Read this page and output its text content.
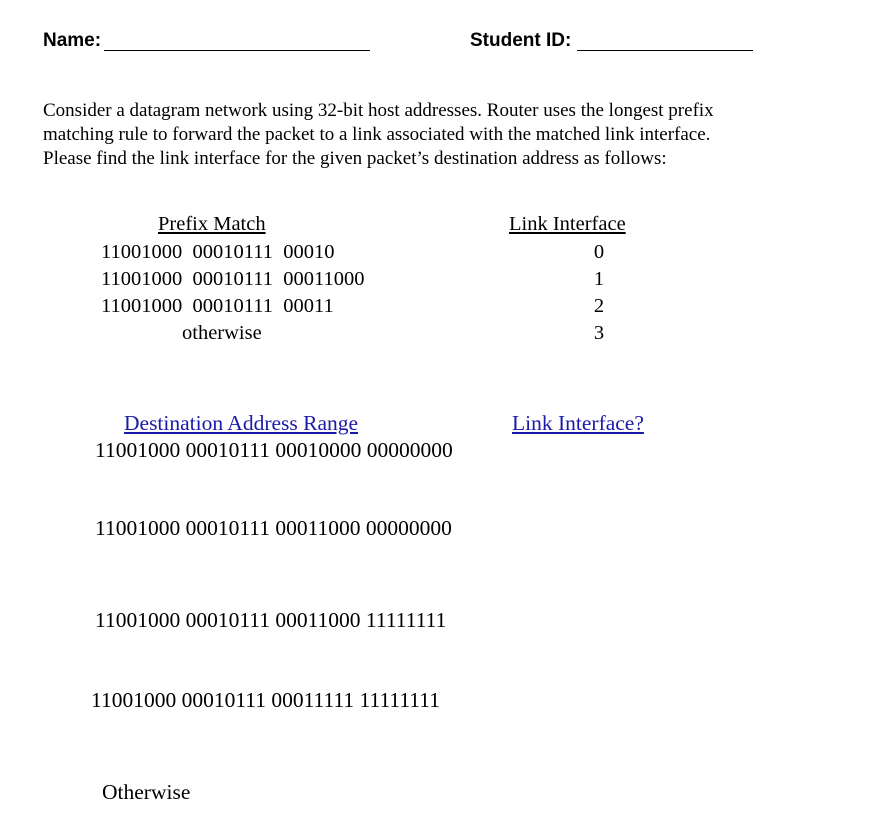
Name:	Student ID:

Consider a datagram network using 32-bit host addresses. Router uses the longest prefix

matching rule to forward the packet to a link associated with the matched link interface.

Please find the link interface for the given packet’s destination address as follows:

Prefix Match	Link Interface
11001000  00010111  00010	0
11001000  00010111  00011000	1
11001000  00010111  00011	2
otherwise	3
Destination Address Range	Link Interface?
11001000 00010111 00010000 00000000
11001000 00010111 00011000 00000000
11001000 00010111 00011000 11111111
11001000 00010111 00011111 11111111
Otherwise
